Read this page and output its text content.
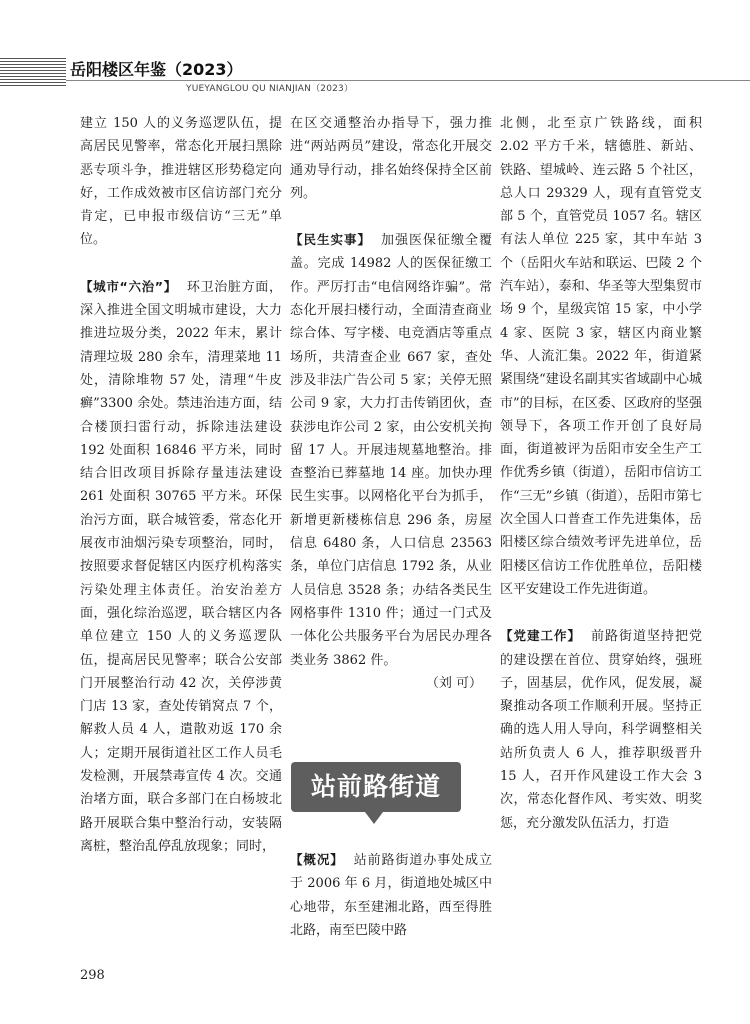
岳阳楼区年鉴（2023）
YUEYANGLOU QU NIANJIAN（2023）

建立 150 人的义务巡逻队伍，提高居民见警率，常态化开展扫黑除恶专项斗争，推进辖区形势稳定向好，工作成效被市区信访部门充分肯定，已申报市级信访“三无”单位。

【城市“六治”】 环卫治脏方面，深入推进全国文明城市建设，大力推进垃圾分类，2022 年末，累计清理垃圾 280 余车，清理菜地 11 处，清除堆物 57 处，清理“牛皮癣”3300 余处。禁违治违方面，结合楼顶扫雷行动，拆除违法建设 192 处面积 16846 平方米，同时结合旧改项目拆除存量违法建设 261 处面积 30765 平方米。环保治污方面，联合城管委，常态化开展夜市油烟污染专项整治，同时，按照要求督促辖区内医疗机构落实污染处理主体责任。治安治差方面，强化综治巡逻，联合辖区内各单位建立 150 人的义务巡逻队伍，提高居民见警率；联合公安部门开展整治行动 42 次，关停涉黄门店 13 家，查处传销窝点 7 个，解救人员 4 人，遣散劝返 170 余人；定期开展街道社区工作人员毛发检测，开展禁毒宣传 4 次。交通治堵方面，联合多部门在白杨坡北路开展联合集中整治行动，安装隔离桩，整治乱停乱放现象；同时，

在区交通整治办指导下，强力推进“两站两员”建设，常态化开展交通劝导行动，排名始终保持全区前列。

【民生实事】 加强医保征缴全覆盖。完成 14982 人的医保征缴工作。严厉打击“电信网络诈骗”。常态化开展扫楼行动，全面清查商业综合体、写字楼、电竞酒店等重点场所，共清查企业 667 家，查处涉及非法广告公司 5 家；关停无照公司 9 家，大力打击传销团伙，查获涉电诈公司 2 家，由公安机关拘留 17 人。开展违规墓地整治。排查整治已葬墓地 14 座。加快办理民生实事。以网格化平台为抓手，新增更新楼栋信息 296 条，房屋信息 6480 条，人口信息 23563 条，单位门店信息 1792 条，从业人员信息 3528 条；办结各类民生网格事件 1310 件；通过一门式及一体化公共服务平台为居民办理各类业务 3862 件。

（刘 可）

站前路街道

【概况】 站前路街道办事处成立于 2006 年 6 月，街道地处城区中心地带，东至建湘北路，西至得胜北路，南至巴陵中路

北侧，北至京广铁路线，面积 2.02 平方千米，辖德胜、新站、铁路、望城岭、连云路 5 个社区，总人口 29329 人，现有直管党支部 5 个，直管党员 1057 名。辖区有法人单位 225 家，其中车站 3 个（岳阳火车站和联运、巴陵 2 个汽车站），泰和、华圣等大型集贸市场 9 个，星级宾馆 15 家，中小学 4 家、医院 3 家，辖区内商业繁华、人流汇集。2022 年，街道紧紧围绕“建设名副其实省域副中心城市”的目标，在区委、区政府的坚强领导下，各项工作开创了良好局面，街道被评为岳阳市安全生产工作优秀乡镇（街道），岳阳市信访工作“三无”乡镇（街道），岳阳市第七次全国人口普查工作先进集体，岳阳楼区综合绩效考评先进单位，岳阳楼区信访工作优胜单位，岳阳楼区平安建设工作先进街道。

【党建工作】 前路街道坚持把党的建设摆在首位、贯穿始终，强班子，固基层，优作风，促发展，凝聚推动各项工作顺利开展。坚持正确的选人用人导向，科学调整相关站所负责人 6 人，推荐职级晋升 15 人，召开作风建设工作大会 3 次，常态化督作风、考实效、明奖惩，充分激发队伍活力，打造

298
